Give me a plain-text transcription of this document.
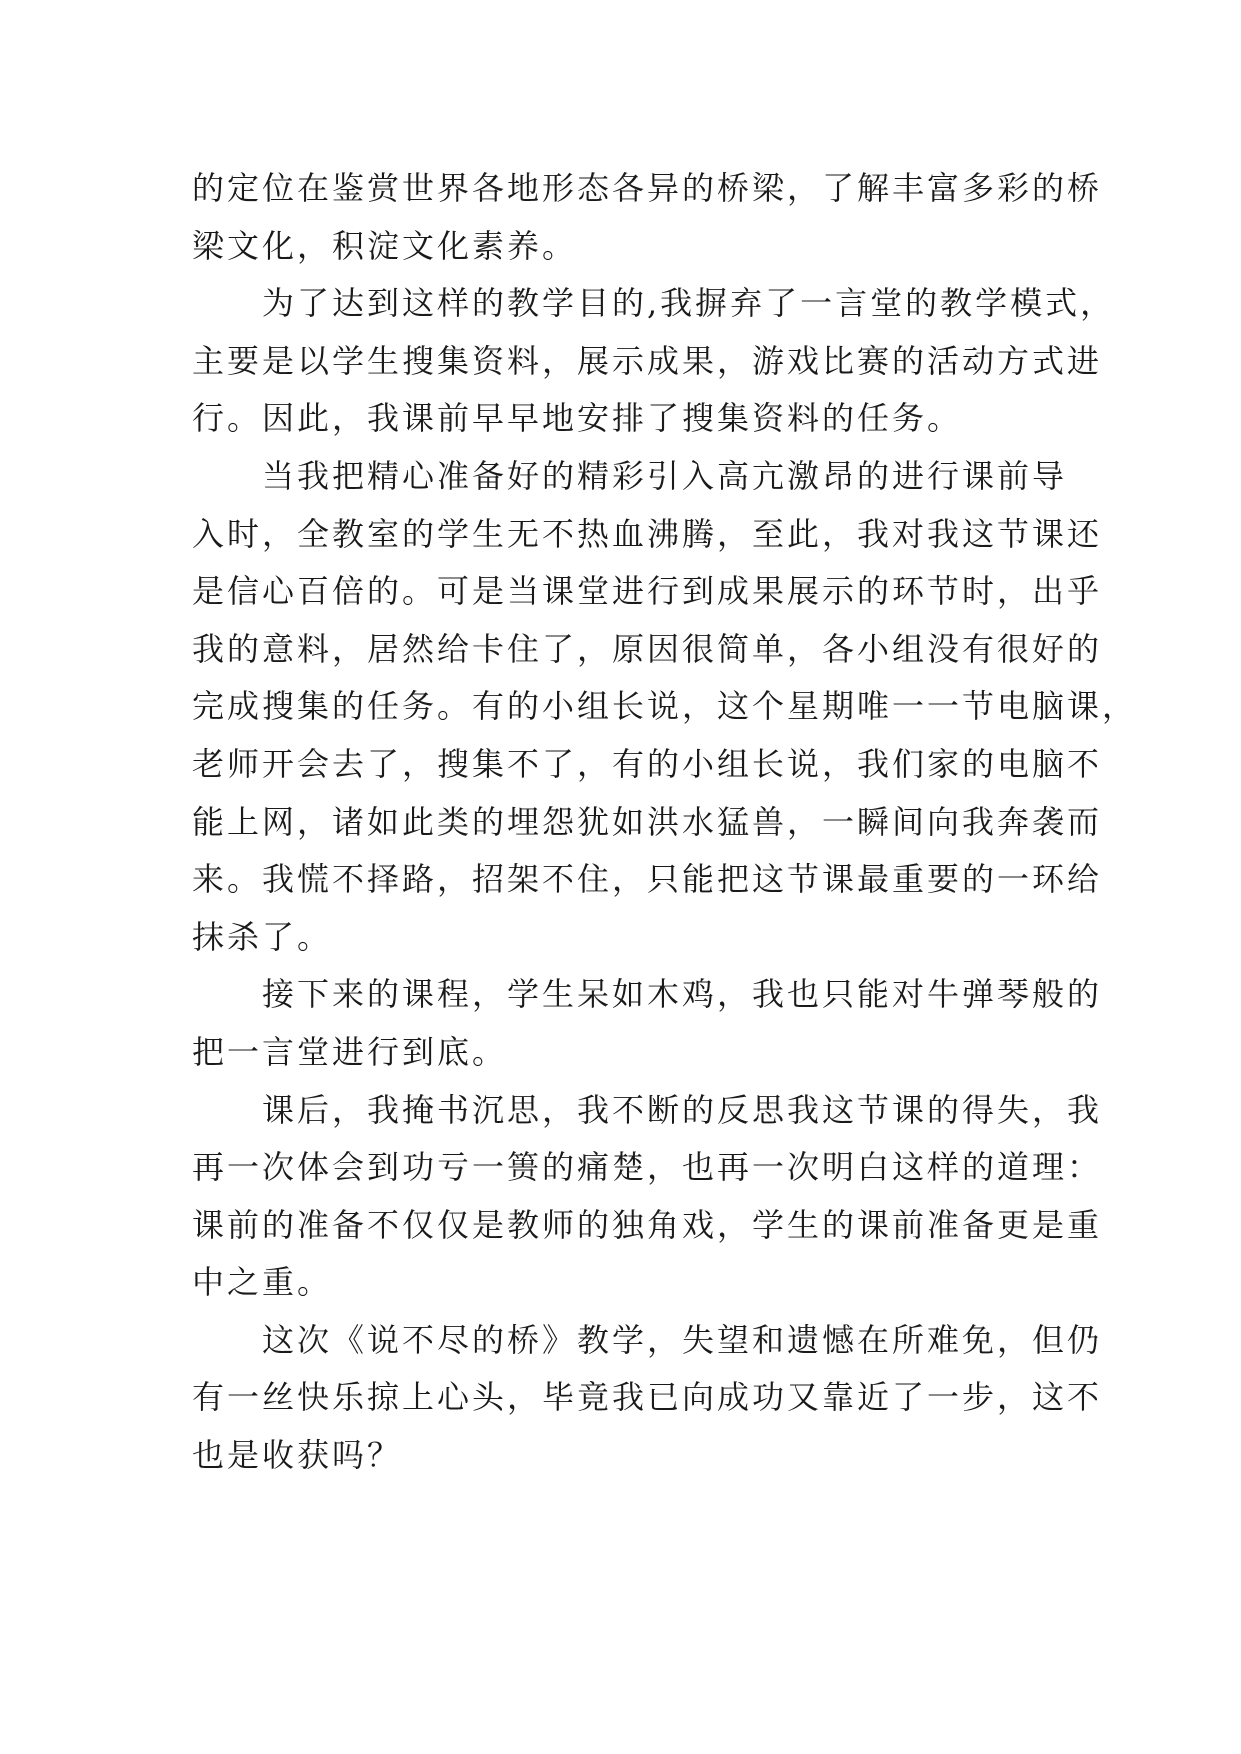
的定位在鉴赏世界各地形态各异的桥梁，了解丰富多彩的桥
梁文化，积淀文化素养。
为了达到这样的教学目的,我摒弃了一言堂的教学模式，
主要是以学生搜集资料，展示成果，游戏比赛的活动方式进
行。因此，我课前早早地安排了搜集资料的任务。
当我把精心准备好的精彩引入高亢激昂的进行课前导
入时，全教室的学生无不热血沸腾，至此，我对我这节课还
是信心百倍的。可是当课堂进行到成果展示的环节时，出乎
我的意料，居然给卡住了，原因很简单，各小组没有很好的
完成搜集的任务。有的小组长说，这个星期唯一一节电脑课，
老师开会去了，搜集不了，有的小组长说，我们家的电脑不
能上网，诸如此类的埋怨犹如洪水猛兽，一瞬间向我奔袭而
来。我慌不择路，招架不住，只能把这节课最重要的一环给
抹杀了。
接下来的课程，学生呆如木鸡，我也只能对牛弹琴般的
把一言堂进行到底。
课后，我掩书沉思，我不断的反思我这节课的得失，我
再一次体会到功亏一篑的痛楚，也再一次明白这样的道理：
课前的准备不仅仅是教师的独角戏，学生的课前准备更是重
中之重。
这次《说不尽的桥》教学，失望和遗憾在所难免，但仍
有一丝快乐掠上心头，毕竟我已向成功又靠近了一步，这不
也是收获吗？
